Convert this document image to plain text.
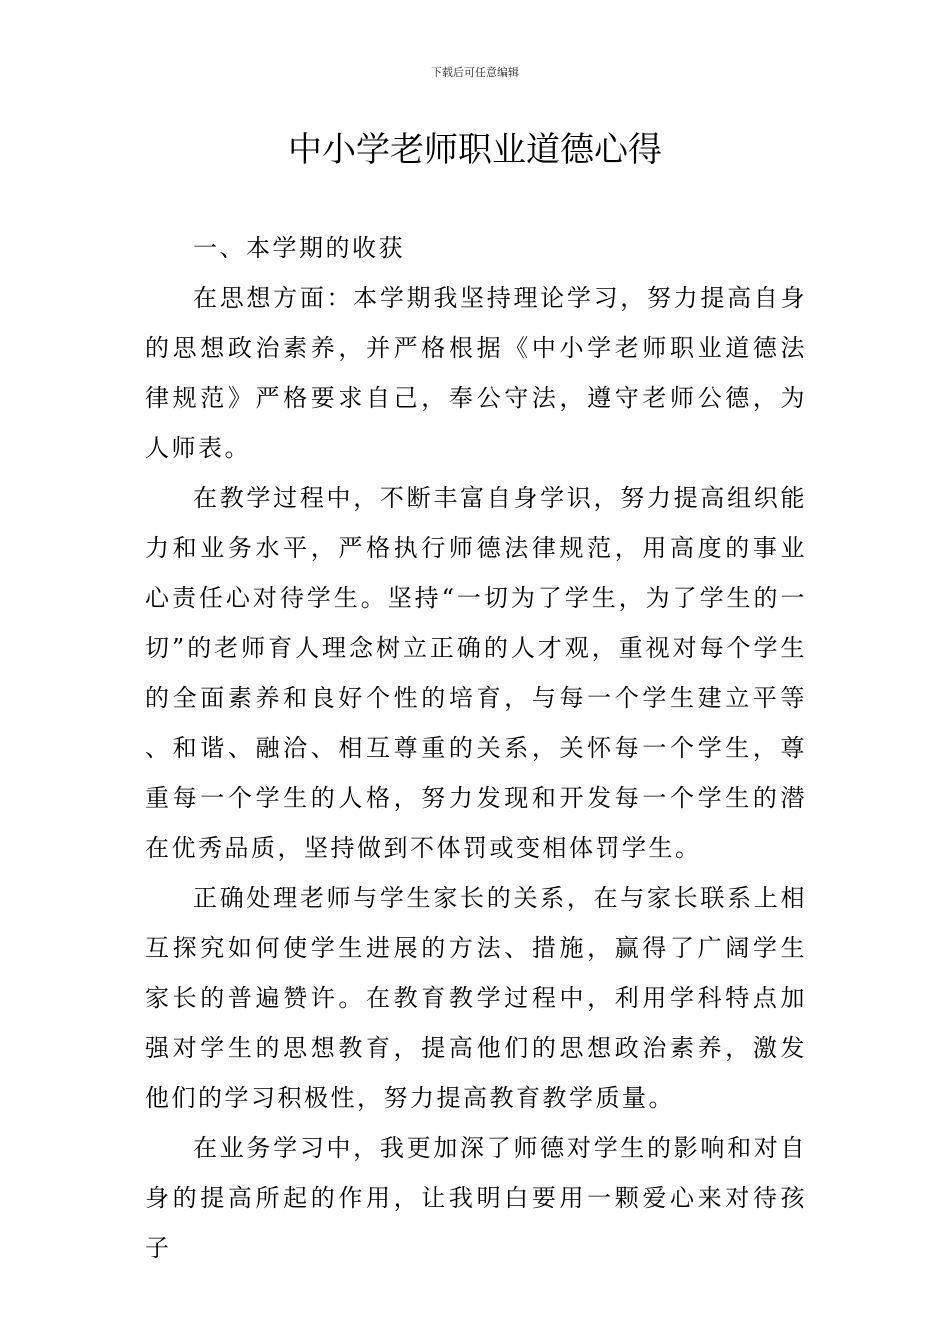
下载后可任意编辑
中小学老师职业道德心得

一、本学期的收获

在思想方面：本学期我坚持理论学习，努力提高自身的思想政治素养，并严格根据《中小学老师职业道德法律规范》严格要求自己，奉公守法，遵守老师公德，为人师表。

在教学过程中，不断丰富自身学识，努力提高组织能力和业务水平，严格执行师德法律规范，用高度的事业心责任心对待学生。坚持“一切为了学生，为了学生的一切”的老师育人理念树立正确的人才观，重视对每个学生的全面素养和良好个性的培育，与每一个学生建立平等、和谐、融洽、相互尊重的关系，关怀每一个学生，尊重每一个学生的人格，努力发现和开发每一个学生的潜在优秀品质，坚持做到不体罚或变相体罚学生。

正确处理老师与学生家长的关系，在与家长联系上相互探究如何使学生进展的方法、措施，赢得了广阔学生家长的普遍赞许。在教育教学过程中，利用学科特点加强对学生的思想教育，提高他们的思想政治素养，激发他们的学习积极性，努力提高教育教学质量。

在业务学习中，我更加深了师德对学生的影响和对自身的提高所起的作用，让我明白要用一颗爱心来对待孩子
